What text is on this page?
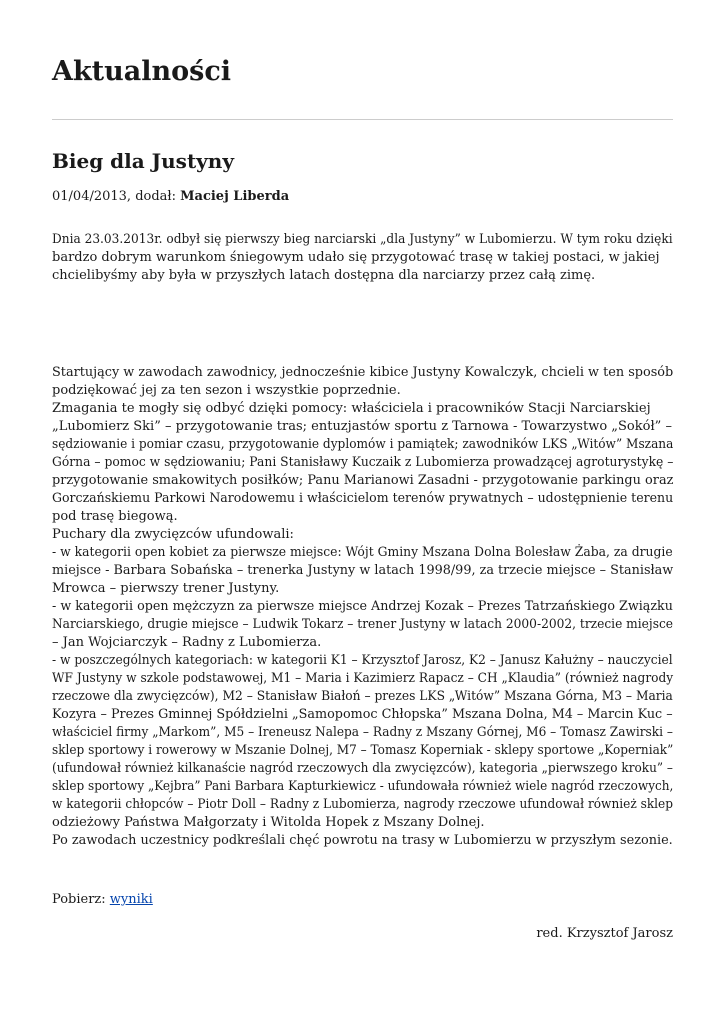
Aktualności
Bieg dla Justyny
01/04/2013, dodał: Maciej Liberda
Dnia 23.03.2013r. odbył się pierwszy bieg narciarski „dla Justyny” w Lubomierzu. W tym roku dzięki
bardzo dobrym warunkom śniegowym udało się przygotować trasę w takiej postaci, w jakiej
chcielibyśmy aby była w przyszłych latach dostępna dla narciarzy przez całą zimę.
Startujący w zawodach zawodnicy, jednocześnie kibice Justyny Kowalczyk, chcieli w ten sposób
podziękować jej za ten sezon i wszystkie poprzednie.
Zmagania te mogły się odbyć dzięki pomocy: właściciela i pracowników Stacji Narciarskiej
„Lubomierz Ski” – przygotowanie tras; entuzjastów sportu z Tarnowa - Towarzystwo „Sokół” –
sędziowanie i pomiar czasu, przygotowanie dyplomów i pamiątek; zawodników LKS „Witów” Mszana
Górna – pomoc w sędziowaniu; Pani Stanisławy Kuczaik z Lubomierza prowadzącej agroturystykę –
przygotowanie smakowitych posiłków; Panu Marianowi Zasadni - przygotowanie parkingu oraz
Gorczańskiemu Parkowi Narodowemu i właścicielom terenów prywatnych – udostępnienie terenu
pod trasę biegową.
Puchary dla zwycięzców ufundowali:
- w kategorii open kobiet za pierwsze miejsce: Wójt Gminy Mszana Dolna Bolesław Żaba, za drugie
miejsce - Barbara Sobańska – trenerka Justyny w latach 1998/99, za trzecie miejsce – Stanisław
Mrowca – pierwszy trener Justyny.
- w kategorii open mężczyzn za pierwsze miejsce Andrzej Kozak – Prezes Tatrzańskiego Związku
Narciarskiego, drugie miejsce – Ludwik Tokarz – trener Justyny w latach 2000-2002, trzecie miejsce
– Jan Wojciarczyk – Radny z Lubomierza.
- w poszczególnych kategoriach: w kategorii K1 – Krzysztof Jarosz, K2 – Janusz Kałużny – nauczyciel
WF Justyny w szkole podstawowej, M1 – Maria i Kazimierz Rapacz – CH „Klaudia” (również nagrody
rzeczowe dla zwycięzców), M2 – Stanisław Białoń – prezes LKS „Witów” Mszana Górna, M3 – Maria
Kozyra – Prezes Gminnej Spółdzielni „Samopomoc Chłopska” Mszana Dolna, M4 – Marcin Kuc –
właściciel firmy „Markom”, M5 – Ireneusz Nalepa – Radny z Mszany Górnej, M6 – Tomasz Zawirski –
sklep sportowy i rowerowy w Mszanie Dolnej, M7 – Tomasz Koperniak - sklepy sportowe „Koperniak”
(ufundował również kilkanaście nagród rzeczowych dla zwycięzców), kategoria „pierwszego kroku” –
sklep sportowy „Kejbra” Pani Barbara Kapturkiewicz - ufundowała również wiele nagród rzeczowych,
w kategorii chłopców – Piotr Doll – Radny z Lubomierza, nagrody rzeczowe ufundował również sklep
odzieżowy Państwa Małgorzaty i Witolda Hopek z Mszany Dolnej.
Po zawodach uczestnicy podkreślali chęć powrotu na trasy w Lubomierzu w przyszłym sezonie.
Pobierz: wyniki
red. Krzysztof Jarosz
